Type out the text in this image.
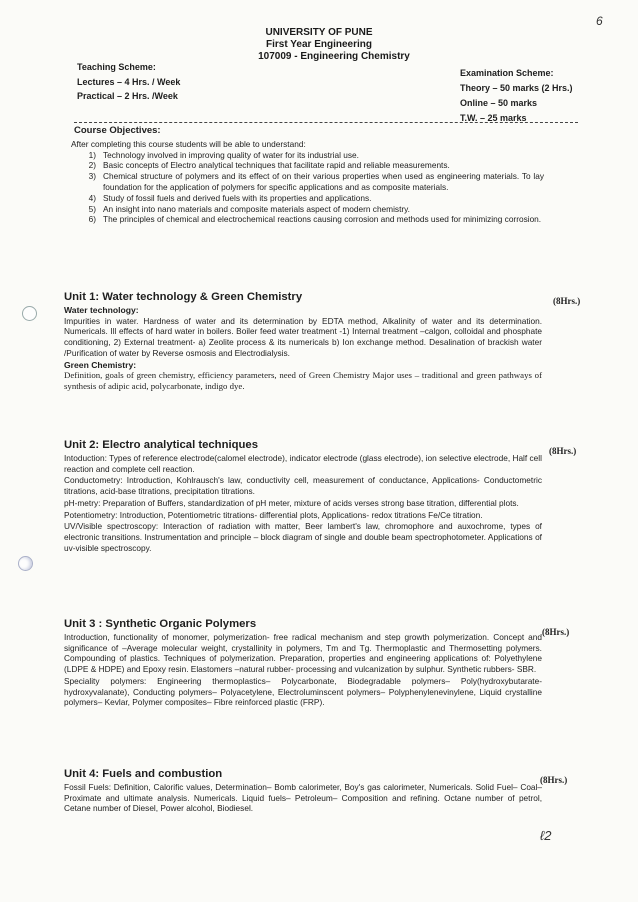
6
UNIVERSITY OF PUNE
First Year Engineering
107009 - Engineering Chemistry
Teaching Scheme:
Lectures – 4 Hrs. / Week
Practical – 2 Hrs. /Week
Examination Scheme:
Theory – 50 marks (2 Hrs.)
Online – 50 marks
T.W. – 25 marks
Course Objectives:
After completing this course students will be able to understand:
1) Technology involved in improving quality of water for its industrial use.
2) Basic concepts of Electro analytical techniques that facilitate rapid and reliable measurements.
3) Chemical structure of polymers and its effect of on their various properties when used as engineering materials. To lay foundation for the application of polymers for specific applications and as composite materials.
4) Study of fossil fuels and derived fuels with its properties and applications.
5) An insight into nano materials and composite materials aspect of modern chemistry.
6) The principles of chemical and electrochemical reactions causing corrosion and methods used for minimizing corrosion.
Unit 1: Water technology & Green Chemistry
Water technology:

Impurities in water. Hardness of water and its determination by EDTA method, Alkalinity of water and its determination. Numericals. Ill effects of hard water in boilers. Boiler feed water treatment -1) Internal treatment –calgon, colloidal and phosphate conditioning, 2) External treatment- a) Zeolite process & its numericals b) Ion exchange method. Desalination of brackish water /Purification of water by Reverse osmosis and Electrodialysis.

Green Chemistry:

Definition, goals of green chemistry, efficiency parameters, need of Green Chemistry Major uses – traditional and green pathways of synthesis of adipic acid, polycarbonate, indigo dye.

(8Hrs.)
Unit 2: Electro analytical techniques

Intoduction: Types of reference electrode(calomel electrode), indicator electrode (glass electrode), ion selective electrode, Half cell reaction and complete cell reaction.

Conductometry: Introduction, Kohlrausch's law, conductivity cell, measurement of conductance, Applications- Conductometric titrations, acid-base titrations, precipitation titrations.

pH-metry: Preparation of Buffers, standardization of pH meter, mixture of acids verses strong base titration, differential plots.

Potentiometry: Introduction, Potentiometric titrations- differential plots, Applications- redox titrations Fe/Ce titration.

UV/Visible spectroscopy: Interaction of radiation with matter, Beer lambert's law, chromophore and auxochrome, types of electronic transitions. Instrumentation and principle – block diagram of single and double beam spectrophotometer. Applications of uv-visible spectroscopy.

(8Hrs.)
Unit 3 : Synthetic Organic Polymers

Introduction, functionality of monomer, polymerization- free radical mechanism and step growth polymerization. Concept and significance of –Average molecular weight, crystallinity in polymers, Tm and Tg. Thermoplastic and Thermosetting polymers. Compounding of plastics. Techniques of polymerization. Preparation, properties and engineering applications of: Polyethylene (LDPE & HDPE) and Epoxy resin. Elastomers –natural rubber- processing and vulcanization by sulphur. Synthetic rubbers- SBR.

Speciality polymers: Engineering thermoplastics– Polycarbonate, Biodegradable polymers– Poly(hydroxybutarate-hydroxyvalanate), Conducting polymers– Polyacetylene, Electroluminscent polymers– Polyphenylenevinylene, Liquid crystalline polymers– Kevlar, Polymer composites– Fibre reinforced plastic (FRP).

(8Hrs.)
Unit 4: Fuels and combustion

Fossil Fuels: Definition, Calorific values, Determination– Bomb calorimeter, Boy's gas calorimeter, Numericals. Solid Fuel– Coal– Proximate and ultimate analysis. Numericals. Liquid fuels– Petroleum– Composition and refining. Octane number of petrol, Cetane number of Diesel, Power alcohol, Biodiesel.

(8Hrs.)
ℓ2
